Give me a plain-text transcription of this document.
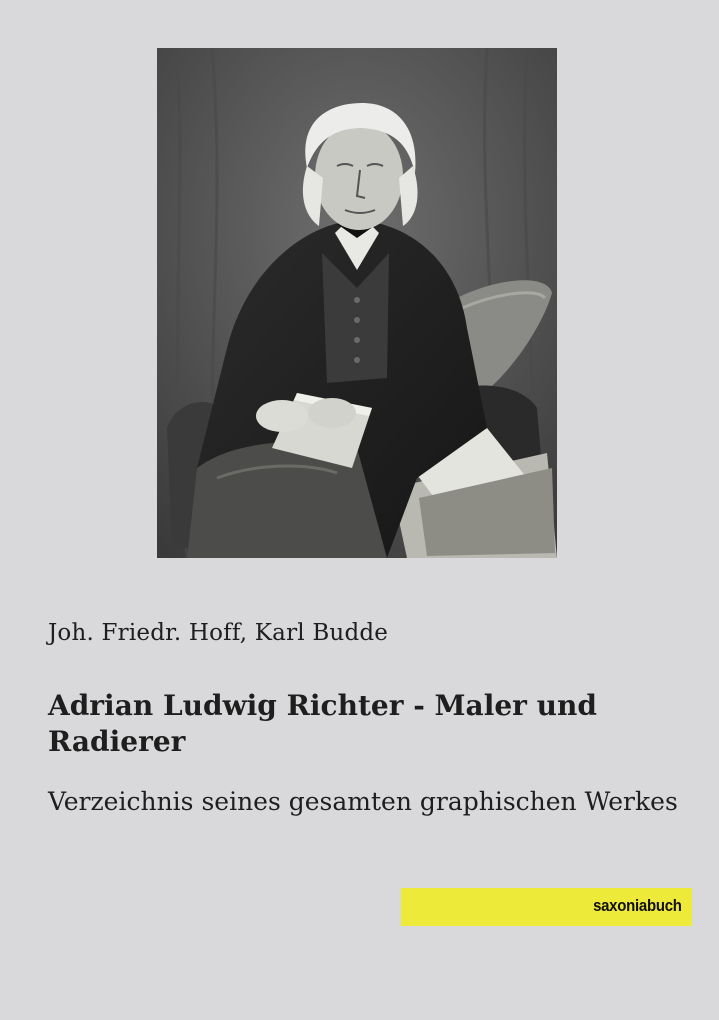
Joh. Friedr. Hoff, Karl Budde
Adrian Ludwig Richter - Maler und Radierer

Verzeichnis seines gesamten graphischen Werkes

saxoniabuch
